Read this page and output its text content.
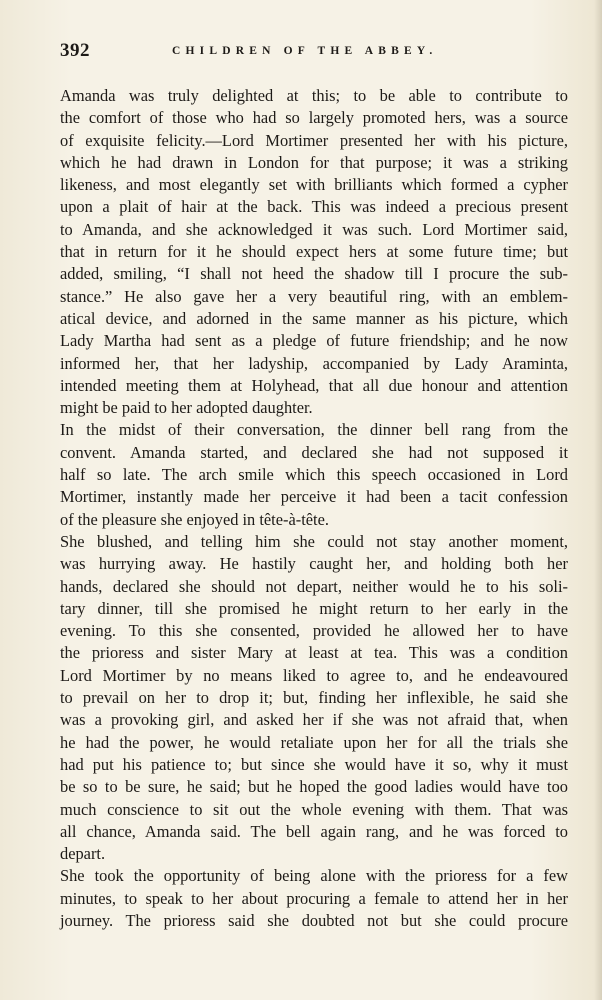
392	CHILDREN OF THE ABBEY.
Amanda was truly delighted at this; to be able to contribute to
the comfort of those who had so largely promoted hers, was a source
of exquisite felicity.—Lord Mortimer presented her with his picture,
which he had drawn in London for that purpose; it was a striking
likeness, and most elegantly set with brilliants which formed a cypher
upon a plait of hair at the back. This was indeed a precious present
to Amanda, and she acknowledged it was such. Lord Mortimer said,
that in return for it he should expect hers at some future time; but
added, smiling, “I shall not heed the shadow till I procure the sub-
stance.” He also gave her a very beautiful ring, with an emblem-
atical device, and adorned in the same manner as his picture, which
Lady Martha had sent as a pledge of future friendship; and he now
informed her, that her ladyship, accompanied by Lady Araminta,
intended meeting them at Holyhead, that all due honour and attention
might be paid to her adopted daughter.
In the midst of their conversation, the dinner bell rang from the
convent. Amanda started, and declared she had not supposed it
half so late. The arch smile which this speech occasioned in Lord
Mortimer, instantly made her perceive it had been a tacit confession
of the pleasure she enjoyed in tête-à-tête.
She blushed, and telling him she could not stay another moment,
was hurrying away. He hastily caught her, and holding both her
hands, declared she should not depart, neither would he to his soli-
tary dinner, till she promised he might return to her early in the
evening. To this she consented, provided he allowed her to have
the prioress and sister Mary at least at tea. This was a condition
Lord Mortimer by no means liked to agree to, and he endeavoured
to prevail on her to drop it; but, finding her inflexible, he said she
was a provoking girl, and asked her if she was not afraid that, when
he had the power, he would retaliate upon her for all the trials she
had put his patience to; but since she would have it so, why it must
be so to be sure, he said; but he hoped the good ladies would have too
much conscience to sit out the whole evening with them. That was
all chance, Amanda said. The bell again rang, and he was forced to
depart.
She took the opportunity of being alone with the prioress for a few
minutes, to speak to her about procuring a female to attend her in her
journey. The prioress said she doubted not but she could procure
